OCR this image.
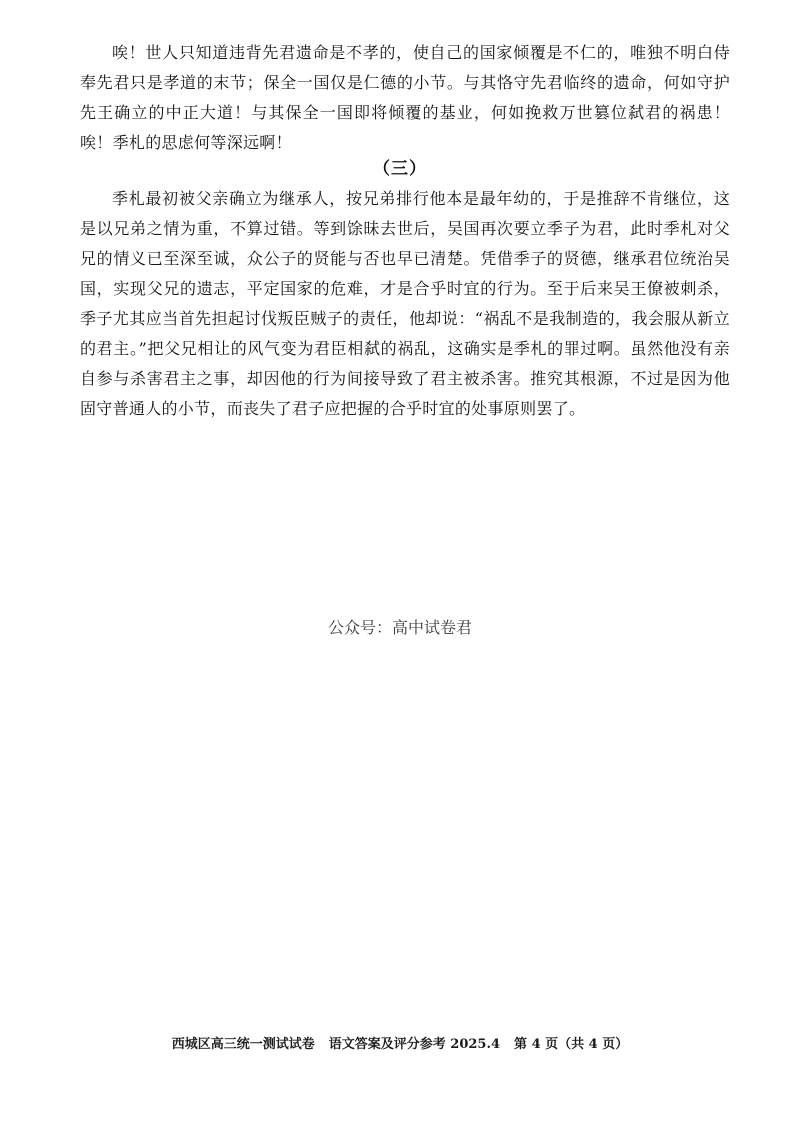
唉！世人只知道违背先君遗命是不孝的，使自己的国家倾覆是不仁的，唯独不明白侍奉先君只是孝道的末节；保全一国仅是仁德的小节。与其恪守先君临终的遗命，何如守护先王确立的中正大道！与其保全一国即将倾覆的基业，何如挽救万世篡位弑君的祸患！唉！季札的思虑何等深远啊！

（三）

季札最初被父亲确立为继承人，按兄弟排行他本是最年幼的，于是推辞不肯继位，这是以兄弟之情为重，不算过错。等到馀昧去世后，吴国再次要立季子为君，此时季札对父兄的情义已至深至诚，众公子的贤能与否也早已清楚。凭借季子的贤德，继承君位统治吴国，实现父兄的遗志，平定国家的危难，才是合乎时宜的行为。至于后来吴王僚被刺杀，季子尤其应当首先担起讨伐叛臣贼子的责任，他却说：“祸乱不是我制造的，我会服从新立的君主。”把父兄相让的风气变为君臣相弑的祸乱，这确实是季札的罪过啊。虽然他没有亲自参与杀害君主之事，却因他的行为间接导致了君主被杀害。推究其根源，不过是因为他固守普通人的小节，而丧失了君子应把握的合乎时宜的处事原则罢了。

公众号：高中试卷君
西城区高三统一测试试卷 语文答案及评分参考 2025.4 第 4 页（共 4 页）
